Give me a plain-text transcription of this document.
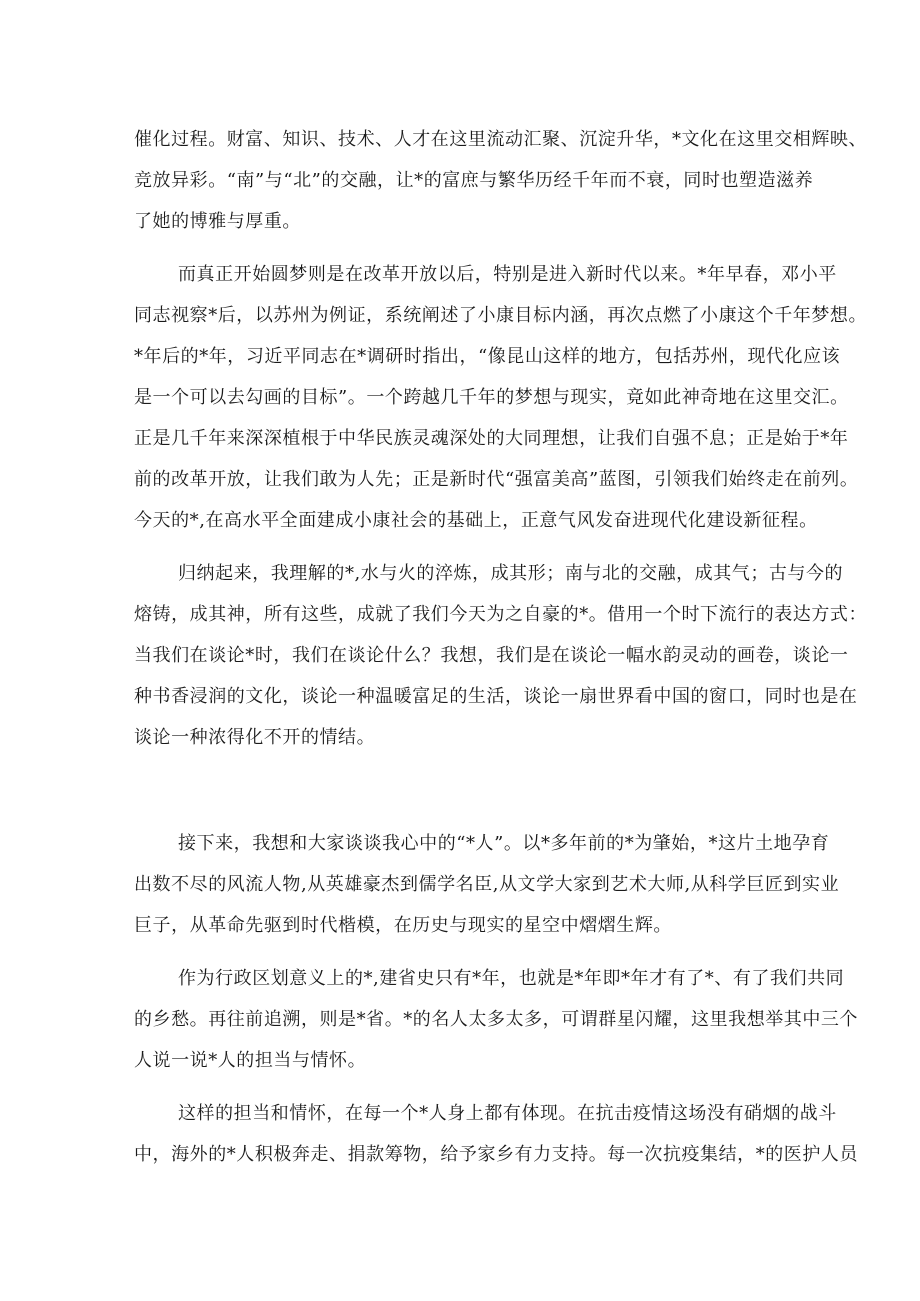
催化过程。财富、知识、技术、人才在这里流动汇聚、沉淀升华，*文化在这里交相辉映、
竞放异彩。“南”与“北”的交融，让*的富庶与繁华历经千年而不衰，同时也塑造滋养
了她的博雅与厚重。
而真正开始圆梦则是在改革开放以后，特别是进入新时代以来。*年早春，邓小平
同志视察*后，以苏州为例证，系统阐述了小康目标内涵，再次点燃了小康这个千年梦想。
*年后的*年，习近平同志在*调研时指出，“像昆山这样的地方，包括苏州，现代化应该
是一个可以去勾画的目标”。一个跨越几千年的梦想与现实，竟如此神奇地在这里交汇。
正是几千年来深深植根于中华民族灵魂深处的大同理想，让我们自强不息；正是始于*年
前的改革开放，让我们敢为人先；正是新时代“强富美高”蓝图，引领我们始终走在前列。
今天的*,在高水平全面建成小康社会的基础上，正意气风发奋进现代化建设新征程。
归纳起来，我理解的*,水与火的淬炼，成其形；南与北的交融，成其气；古与今的
熔铸，成其神，所有这些，成就了我们今天为之自豪的*。借用一个时下流行的表达方式：
当我们在谈论*时，我们在谈论什么？我想，我们是在谈论一幅水韵灵动的画卷，谈论一
种书香浸润的文化，谈论一种温暖富足的生活，谈论一扇世界看中国的窗口，同时也是在
谈论一种浓得化不开的情结。
接下来，我想和大家谈谈我心中的“*人”。以*多年前的*为肇始，*这片土地孕育
出数不尽的风流人物,从英雄豪杰到儒学名臣,从文学大家到艺术大师,从科学巨匠到实业
巨子，从革命先驱到时代楷模，在历史与现实的星空中熠熠生辉。
作为行政区划意义上的*,建省史只有*年，也就是*年即*年才有了*、有了我们共同
的乡愁。再往前追溯，则是*省。*的名人太多太多，可谓群星闪耀，这里我想举其中三个
人说一说*人的担当与情怀。
这样的担当和情怀，在每一个*人身上都有体现。在抗击疫情这场没有硝烟的战斗
中，海外的*人积极奔走、捐款筹物，给予家乡有力支持。每一次抗疫集结，*的医护人员
